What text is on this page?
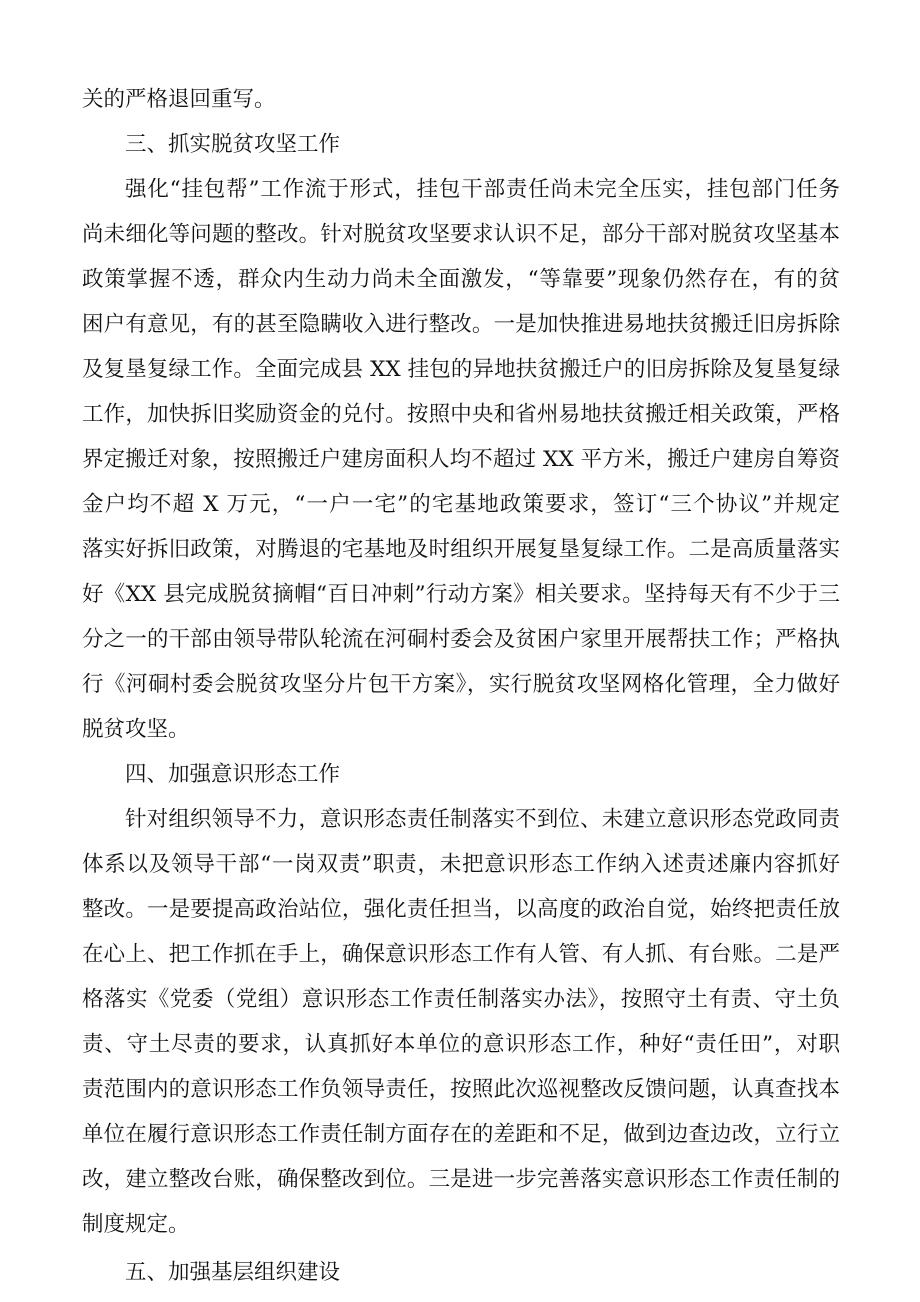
关的严格退回重写。
三、抓实脱贫攻坚工作
强化“挂包帮”工作流于形式，挂包干部责任尚未完全压实，挂包部门任务
尚未细化等问题的整改。针对脱贫攻坚要求认识不足，部分干部对脱贫攻坚基本
政策掌握不透，群众内生动力尚未全面激发，“等靠要”现象仍然存在，有的贫
困户有意见，有的甚至隐瞒收入进行整改。一是加快推进易地扶贫搬迁旧房拆除
及复垦复绿工作。全面完成县 XX 挂包的异地扶贫搬迁户的旧房拆除及复垦复绿
工作，加快拆旧奖励资金的兑付。按照中央和省州易地扶贫搬迁相关政策，严格
界定搬迁对象，按照搬迁户建房面积人均不超过 XX 平方米，搬迁户建房自筹资
金户均不超 X 万元，“一户一宅”的宅基地政策要求，签订“三个协议”并规定
落实好拆旧政策，对腾退的宅基地及时组织开展复垦复绿工作。二是高质量落实
好《XX 县完成脱贫摘帽“百日冲刺”行动方案》相关要求。坚持每天有不少于三
分之一的干部由领导带队轮流在河硐村委会及贫困户家里开展帮扶工作；严格执
行《河硐村委会脱贫攻坚分片包干方案》，实行脱贫攻坚网格化管理，全力做好
脱贫攻坚。
四、加强意识形态工作
针对组织领导不力，意识形态责任制落实不到位、未建立意识形态党政同责
体系以及领导干部“一岗双责”职责，未把意识形态工作纳入述责述廉内容抓好
整改。一是要提高政治站位，强化责任担当，以高度的政治自觉，始终把责任放
在心上、把工作抓在手上，确保意识形态工作有人管、有人抓、有台账。二是严
格落实《党委（党组）意识形态工作责任制落实办法》，按照守土有责、守土负
责、守土尽责的要求，认真抓好本单位的意识形态工作，种好“责任田”，对职
责范围内的意识形态工作负领导责任，按照此次巡视整改反馈问题，认真查找本
单位在履行意识形态工作责任制方面存在的差距和不足，做到边查边改，立行立
改，建立整改台账，确保整改到位。三是进一步完善落实意识形态工作责任制的
制度规定。
五、加强基层组织建设
